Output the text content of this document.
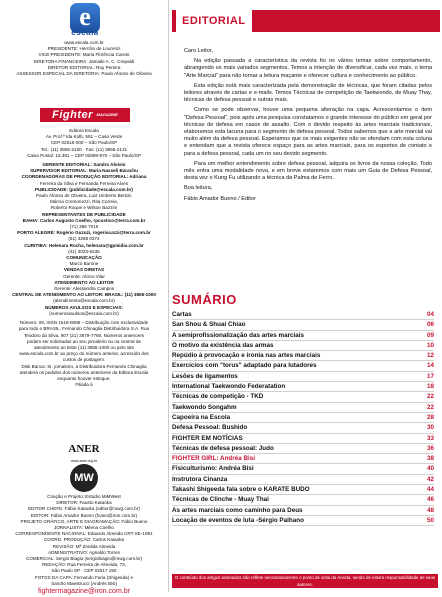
e
escala

www.escala.com.br

PRESIDENTE: Hercílio de Lourenzi

VICE-PRESIDENTE: Maria Florência Caroto

DIRETORA FINANCEIRA: Jamaile A. C. Crepaldi

DIRETOR EDITORIAL: Ruy Pereira

ASSESSOR ESPECIAL DA DIRETORIA: Paulo Afonso de Oliveira

Fighter $^{MAGAZINE}$

Editora Escala

Av. Prof.ª Ida Kolb, 551 – Casa Verde

CEP 02518-000 – São Paulo/SP

Tel.: (11) 3855-2100 · Fax: (11) 3855-2131

Caixa Postal: 16.381 – CEP 02599-970 – São Paulo/SP

GERENTE EDITORIAL: Sandro Aloísio

SUPERVISOR EDITORIAL: Maria Nasseli Barachu

COORDENADORAS DE PRODUÇÃO EDITORIAL: Adriana

Ferreira da Silva e Fernanda Ferreira Alves

PUBLICIDADE: (publicidade@escala.com.br)

Paulo Afonso de Oliveira, Luiz Umberto Bertoli,

Márcia Cremonezzi, Rita Correia,

Roberto Roque e Wilson Bazzini

REPRESENTANTES DE PUBLICIDADE

BAHIA: Carlos Augusto Coelho, rpcustico@terra.com.br

(71) 356 7016

PORTO ALEGRE: Rogério Guzuzi, rogeriocazzi@terra.com.br

(51) 3268 0374

CURITIBA: Helenara Rocha, helenara@gpmidia.com.br

(41) 3023-6235

COMUNICAÇÃO

Marco Barone

VENDAS DIRETAS

Gerente: Alcino Vilar

ATENDIMENTO AO LEITOR

Gerente: Alessandra Campos

CENTRAL DE ATENDIMENTO AO LEITOR: BRASIL: (11) 3855-1000

(atendimento@escala.com.br)

NÚMEROS AVULSOS E ESPECIAIS:

(numerosavulsos@escala.com.br)

Número: 08, ISSN 1518-8086 – Distribuição com exclusividade

para todo o BRASIL, Fernando Chinaglia Distribuidora S.A. Rua

Teodoro da Silva, 907 (21) 3879-7766. Números anteriores

podem ser solicitados ao seu jornaleiro ou na central de

atendimento ao leitor (11) 3855-1000 ou pelo site

www.escala.com.br ao preço do número anterior, acrescido dos

custos de postagem.

Disk Banca: Sr. jornaleiro, a Distribuidora Fernando Chinaglia

atenderá os pedidos dos números anteriores da Editora Escala

enquanto houver estoque.

Filiada à

ANER
www.aner.org.br
MW

Criação e Projeto: Estúdio MiMWest

DIRETOR: Fausto Kataoka

EDITOR CHEFE: Fábio Kataoka (editor@mwg.com.br)

EDITOR: Fábio Amador Bueno (fcano@iron.com.br)

PROJETO GRÁFICO, ARTE E DIAGRAMAÇÃO: Fábio Bueno

JORNALISTA: Milena Coelho

CORRESPONDENTE NACIONAL: Eduardo Almeida CRT-SE-1091

COORD. PRODUÇÃO: Carlos Kataoka

REVISÃO: Mª Zenilda Almeida

ADMINISTRATIVO: Agnaldo Torres

COMERCIAL: Sergio Biagio (sergiobiagio@mwg.com.br)

REDAÇÃO: Rua Ferreira de Almeida, 73,

São Paulo SP · CEP 02517 150

FOTOS DA CAPA: Fernando Faria (Shigeeda) e

Sandro Maestrucci (Andrés Bisi)

fightermagazine@iron.com.br

EDITORIAL

Caro Leitor,

Na edição passada a característica da revista foi os vários temas sobre comportamento, abrangendo os mais variados segmentos. Temos a intenção de diversificar, cada vez mais, o tema "Arte Marcial" para não tornar a leitura maçante e oferecer cultura e conhecimento ao público.

Esta edição está mais caracterizada pela demonstração de técnicas, que foram citadas pelos leitores através de cartas e e-mails. Temos Técnicas de competição de Taekwondo, de Muay Thay, técnicas de defesa pessoal e outras mais.

Como se pode observar, houve uma pequena alteração na capa. Acrescentamos o item "Defesa Pessoal", pois após uma pesquisa constatamos o grande interesse do público em geral por técnicas de defesa em casos de assalto. Com o devido respeito às artes marciais tradicionais, elaboramos esta lacuna para o segmento de defesa pessoal. Todos sabemos que a arte marcial vai muito além da defesa pessoal. Esperamos que os mais exigentes não se ofendam com esta coluna e entendam que a revista oferece espaço para as artes marciais, para os esportes de contato e para a defesa pessoal, cada um no seu devido segmento.

Para um melhor entendimento sobre defesa pessoal, adquira os livros da nossa coleção. Todo mês entra uma modalidade nova, e em breve estaremos com mais um Guia de Defesa Pessoal, desta vez o Kung Fu utilizando a técnica da Palma de Ferro.

Boa leitura,

Fábio Amador Bueno / Editor

SUMÁRIO
Cartas	04
San Shou & Shuai Chiao	06
A semiprofissionalização das artes marciais	09
O motivo da existência das armas	10
Repúdio à provocação e ironia nas artes marciais	12
Exercícios com "torus" adaptado para lutadores	14
Lesões de ligamentos	17
International Taekwondo Federatation	18
Técnicas de competição - TKD	22
Taekwondo Songahm	22
Capoeira na Escola	28
Defesa Pessoal: Bushido	30
FIGHTER EM NOTÍCIAS	33
Técnicas de defesa pessoal: Judo	36
FIGHTER GIRL: Andréa Bisi	38
Fisiculturismo: Andréa Bisi	40
Instrutora Cinanza	42
Takashi Shigeeda fala sobre o KARATE BUDO	44
Técnicas de Clinche - Muay Thai	46
As artes marciais como caminho para Deus	48
Locação de eventos de luta -Sérgio Palhano	50
O conteúdo dos artigos assinados não reflete necessariamente o ponto de vista da revista, sendo de inteira responsabilidade de seus autores.
